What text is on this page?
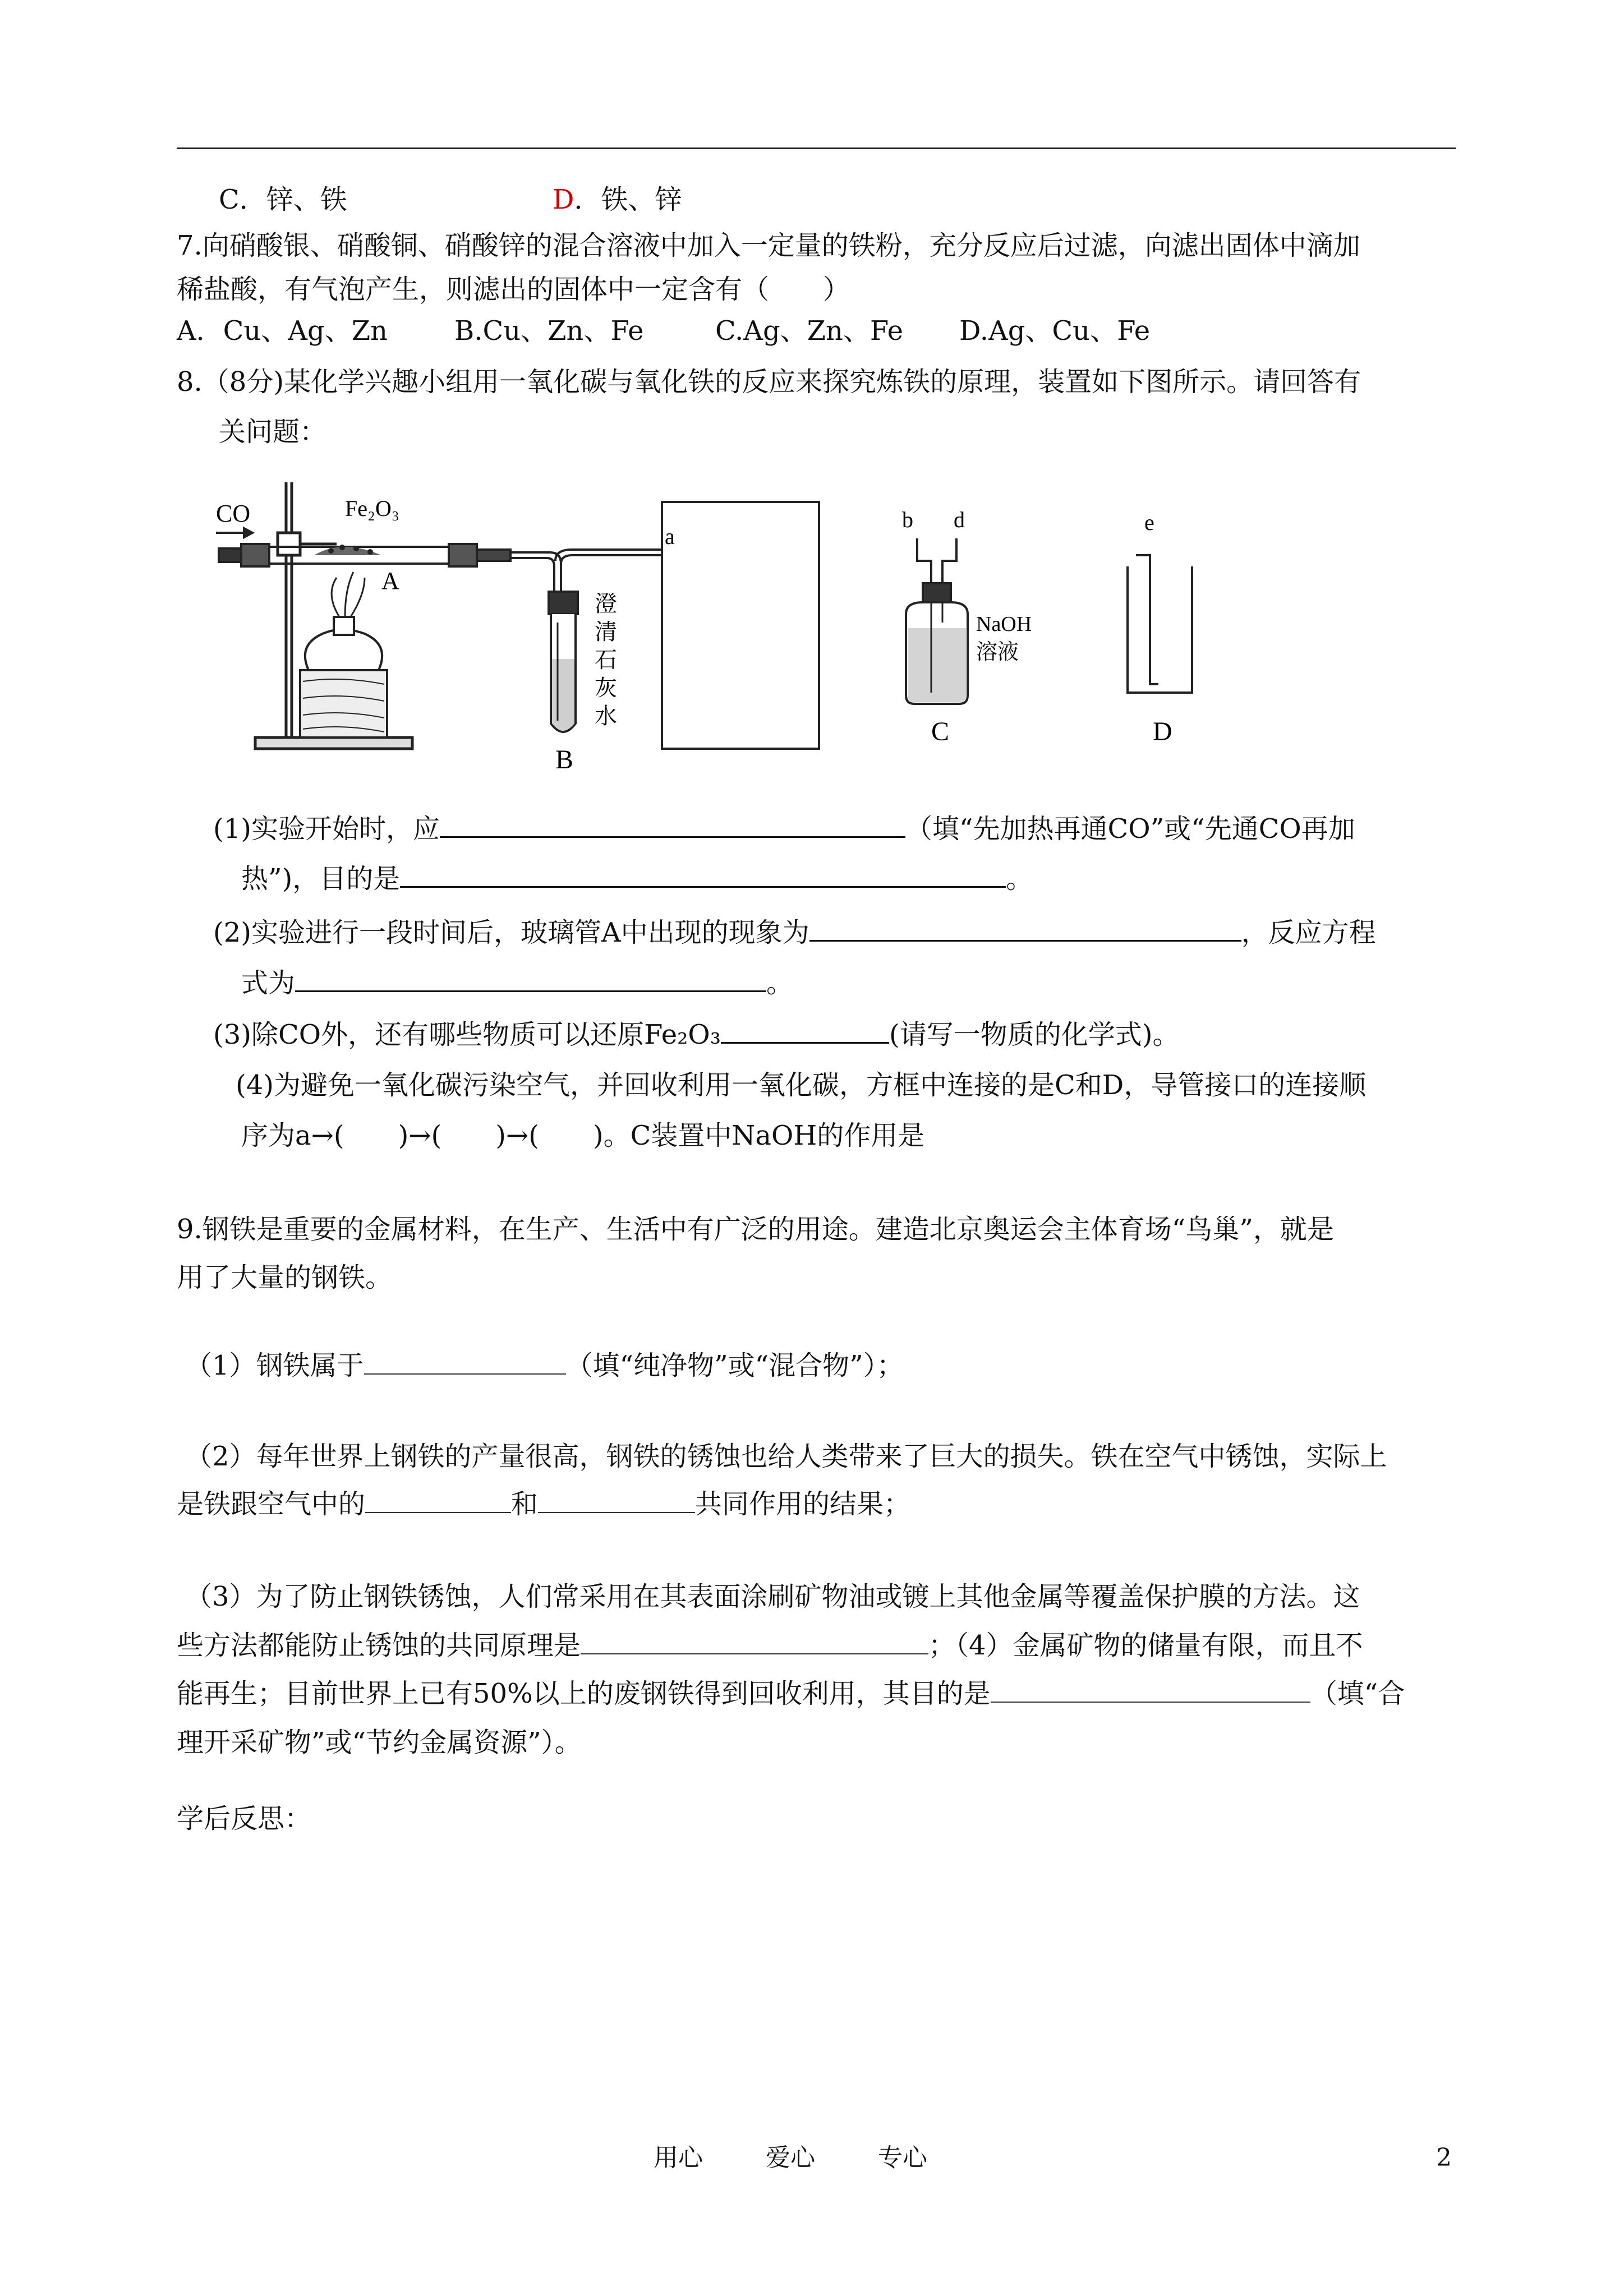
C．锌、铁	D．铁、锌
7.向硝酸银、硝酸铜、硝酸锌的混合溶液中加入一定量的铁粉，充分反应后过滤，向滤出固体中滴加
稀盐酸，有气泡产生，则滤出的固体中一定含有（　　）
A．Cu、Ag、Zn B.Cu、Zn、Fe	C.Ag、Zn、Fe D.Ag、Cu、Fe
8.（8分)某化学兴趣小组用一氧化碳与氧化铁的反应来探究炼铁的原理，装置如下图所示。请回答有
关问题：
CO	Fe₂O₃
A
澄
清
石
灰
水
B
a
b d
NaOH
溶液
C
e
D
(1)实验开始时，应	（填“先加热再通CO”或“先通CO再加
热”)，目的是	。
(2)实验进行一段时间后，玻璃管A中出现的现象为	，反应方程
式为	。
(3)除CO外，还有哪些物质可以还原Fe₂O₃	(请写一物质的化学式)。
(4)为避免一氧化碳污染空气，并回收利用一氧化碳，方框中连接的是C和D，导管接口的连接顺
序为a→(　　)→(　　)→(　　)。C装置中NaOH的作用是
9.钢铁是重要的金属材料，在生产、生活中有广泛的用途。建造北京奥运会主体育场“鸟巢”，就是
用了大量的钢铁。
（1）钢铁属于	（填“纯净物”或“混合物”）；
（2）每年世界上钢铁的产量很高，钢铁的锈蚀也给人类带来了巨大的损失。铁在空气中锈蚀，实际上
是铁跟空气中的	和	共同作用的结果；
（3）为了防止钢铁锈蚀，人们常采用在其表面涂刷矿物油或镀上其他金属等覆盖保护膜的方法。这
些方法都能防止锈蚀的共同原理是	；（4）金属矿物的储量有限，而且不
能再生；目前世界上已有50%以上的废钢铁得到回收利用，其目的是	（填“合
理开采矿物”或“节约金属资源”）。
学后反思：
用心	爱心	专心	2
